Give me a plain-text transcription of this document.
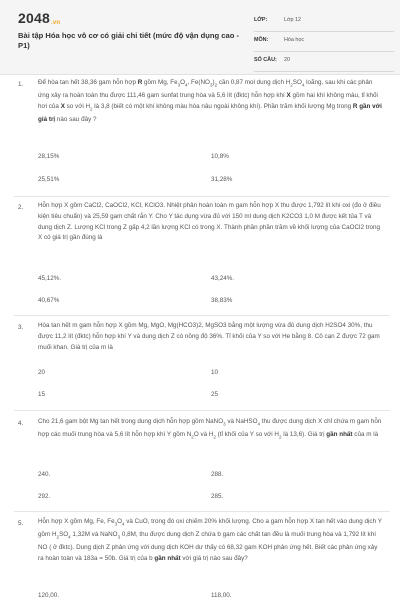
$2048_{.vn}$
Bài tập Hóa học vô cơ có giải chi tiết (mức độ vận dụng cao - P1)
LỚP:	Lớp 12
MÔN:	Hóa học
SỐ CÂU:	20
1. Để hòa tan hết 38,36 gam hỗn hợp R gồm Mg, $Fe_3O_4$, $Fe(NO_3)_2$ cần 0,87 mol dung dịch $H_2SO_4$ loãng, sau khi các phản ứng xảy ra hoàn toàn thu được 111,46 gam sunfat trung hòa và 5,6 lít (đktc) hỗn hợp khí X gồm hai khí không màu, tỉ khối hơi của X so với $H_2$ là 3,8 (biết có một khí không màu hóa nâu ngoài không khí). Phần trăm khối lượng Mg trong R gần với giá trị nào sau đây ?
28,15%	10,8%
25,51%	31,28%
2. Hỗn hợp X gồm CaCl2, CaOCl2, KCl, KClO3. Nhiệt phân hoàn toàn m gam hỗn hợp X thu được 1,792 lít khí oxi (đo ở điều kiện tiêu chuẩn) và 25,59 gam chất rắn Y. Cho Y tác dụng vừa đủ với 150 ml dung dịch K2CO3 1,0 M được kết tủa T và dung dịch Z. Lượng KCl trong Z gấp 4,2 lần lượng KCl có trong X. Thành phần phần trăm về khối lượng của CaOCl2 trong X có giá trị gần đúng là
45,12%.	43,24%.
40,67%	38,83%
3. Hòa tan hết m gam hỗn hợp X gồm Mg, MgO, Mg(HCO3)2, MgSO3 bằng một lượng vừa đủ dung dịch H2SO4 30%, thu được 11,2 lít (đktc) hỗn hợp khí Y và dung dịch Z có nồng độ 36%. Tỉ khối của Y so với He bằng 8. Cô cạn Z được 72 gam muối khan. Giá trị của m là
20	10
15	25
4. Cho 21,6 gam bột Mg tan hết trong dung dịch hỗn hợp gồm NaNO$_3$ và NaHSO$_4$ thu được dung dịch X chỉ chứa m gam hỗn hợp các muối trung hòa và 5,6 lít hỗn hợp khí Y gồm $N_2O$ và $H_2$ (tỉ khối của Y so với $H_2$ là 13,6). Giá trị gần nhất của m là
240.	288.
292.	285.
5. Hỗn hợp X gồm Mg, Fe, $Fe_3O_4$ và CuO, trong đó oxi chiếm 20% khối lượng. Cho a gam hỗn hợp X tan hết vào dung dịch Y gồm $H_2SO_4$ 1,32M và NaNO$_3$ 0,8M, thu được dung dịch Z chứa b gam các chất tan đều là muối trung hòa và 1,792 lít khí NO ( ở đktc). Dung dịch Z phản ứng với dung dịch KOH dư thấy có 68,32 gam KOH phản ứng hết. Biết các phản ứng xảy ra hoàn toàn và 183a = 50b. Giá trị của b gần nhất với giá trị nào sau đây?
120,00.	118,00.
